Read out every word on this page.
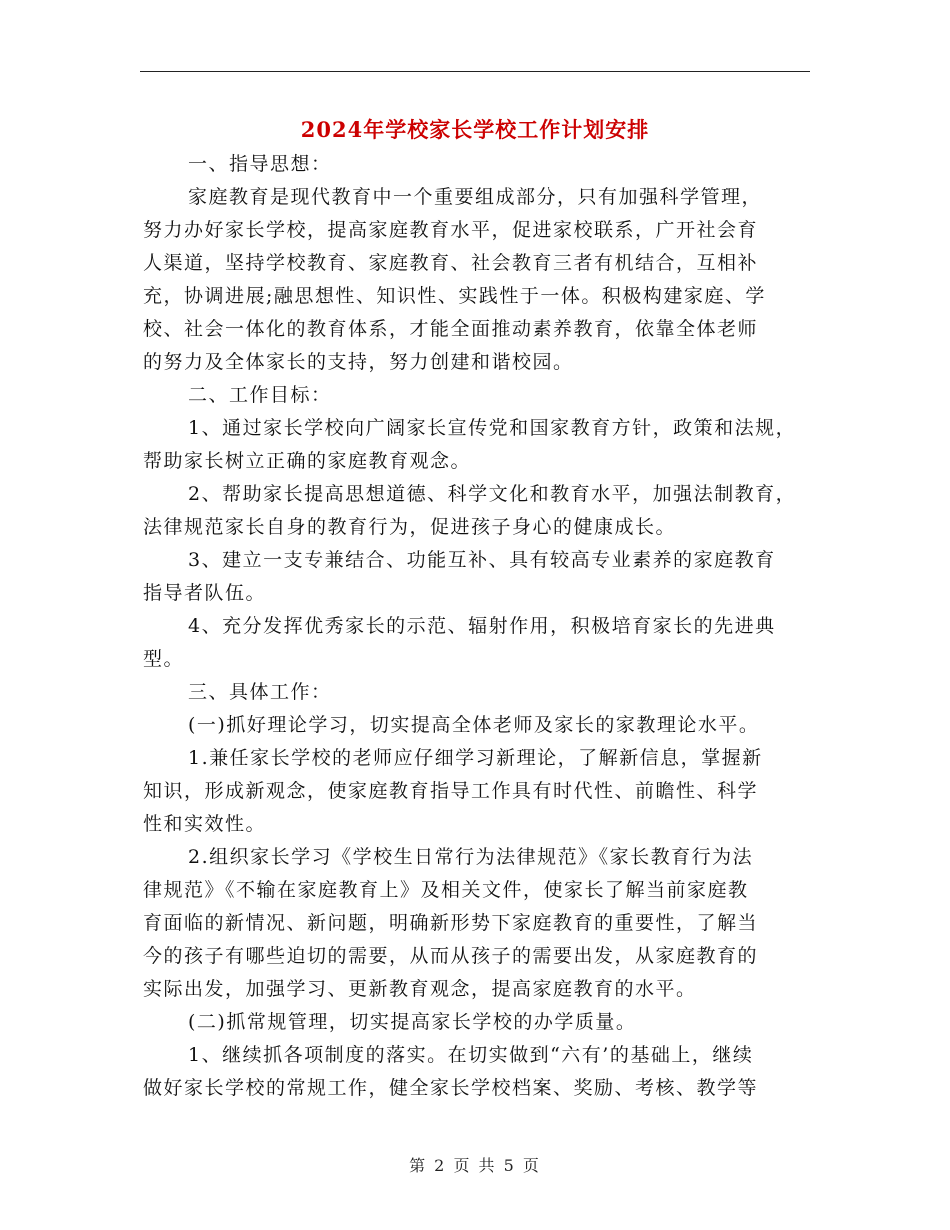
2024年学校家长学校工作计划安排

一、指导思想：

家庭教育是现代教育中一个重要组成部分，只有加强科学管理，

努力办好家长学校，提高家庭教育水平，促进家校联系，广开社会育

人渠道，坚持学校教育、家庭教育、社会教育三者有机结合，互相补

充，协调进展;融思想性、知识性、实践性于一体。积极构建家庭、学

校、社会一体化的教育体系，才能全面推动素养教育，依靠全体老师

的努力及全体家长的支持，努力创建和谐校园。

二、工作目标：

1、通过家长学校向广阔家长宣传党和国家教育方针，政策和法规，

帮助家长树立正确的家庭教育观念。

2、帮助家长提高思想道德、科学文化和教育水平，加强法制教育，

法律规范家长自身的教育行为，促进孩子身心的健康成长。

3、建立一支专兼结合、功能互补、具有较高专业素养的家庭教育

指导者队伍。

4、充分发挥优秀家长的示范、辐射作用，积极培育家长的先进典

型。

三、具体工作：

(一)抓好理论学习，切实提高全体老师及家长的家教理论水平。

1.兼任家长学校的老师应仔细学习新理论，了解新信息，掌握新

知识，形成新观念，使家庭教育指导工作具有时代性、前瞻性、科学

性和实效性。

2.组织家长学习《学校生日常行为法律规范》《家长教育行为法

律规范》《不输在家庭教育上》及相关文件，使家长了解当前家庭教

育面临的新情况、新问题，明确新形势下家庭教育的重要性，了解当

今的孩子有哪些迫切的需要，从而从孩子的需要出发，从家庭教育的

实际出发，加强学习、更新教育观念，提高家庭教育的水平。

(二)抓常规管理，切实提高家长学校的办学质量。

1、继续抓各项制度的落实。在切实做到“六有’的基础上，继续

做好家长学校的常规工作，健全家长学校档案、奖励、考核、教学等

第 2 页 共 5 页
